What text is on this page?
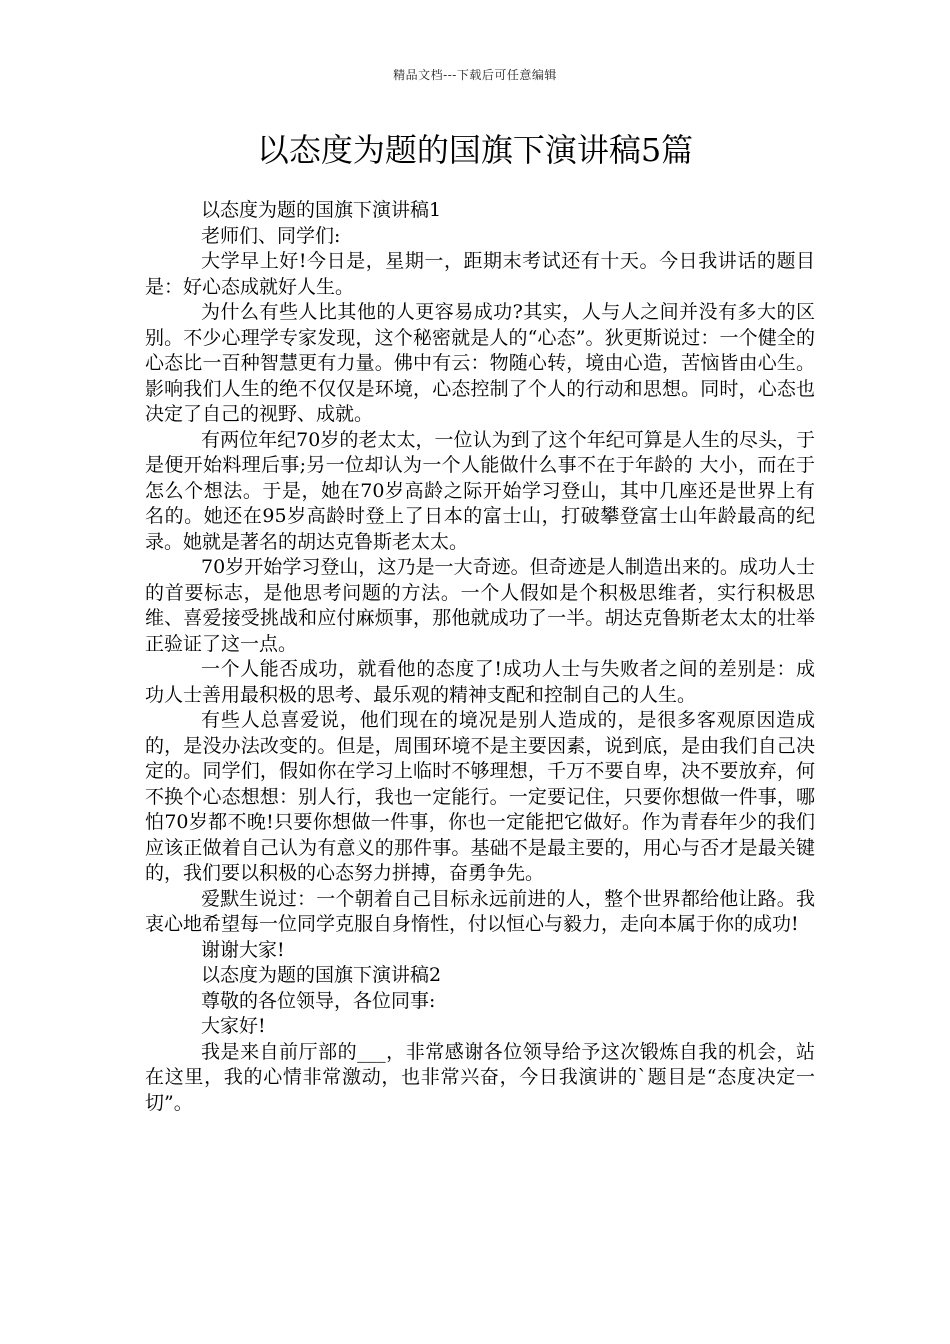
精品文档---下载后可任意编辑
以态度为题的国旗下演讲稿5篇

以态度为题的国旗下演讲稿1

老师们、同学们:

大学早上好!今日是，星期一，距期末考试还有十天。今日我讲话的题目是：好心态成就好人生。

为什么有些人比其他的人更容易成功?其实，人与人之间并没有多大的区别。不少心理学专家发现，这个秘密就是人的“心态”。狄更斯说过：一个健全的心态比一百种智慧更有力量。佛中有云：物随心转，境由心造，苦恼皆由心生。影响我们人生的绝不仅仅是环境，心态控制了个人的行动和思想。同时，心态也决定了自己的视野、成就。

有两位年纪70岁的老太太，一位认为到了这个年纪可算是人生的尽头，于是便开始料理后事;另一位却认为一个人能做什么事不在于年龄的 大小，而在于怎么个想法。于是，她在70岁高龄之际开始学习登山，其中几座还是世界上有名的。她还在95岁高龄时登上了日本的富士山，打破攀登富士山年龄最高的纪录。她就是著名的胡达克鲁斯老太太。

70岁开始学习登山，这乃是一大奇迹。但奇迹是人制造出来的。成功人士的首要标志，是他思考问题的方法。一个人假如是个积极思维者，实行积极思维、喜爱接受挑战和应付麻烦事，那他就成功了一半。胡达克鲁斯老太太的壮举正验证了这一点。

一个人能否成功，就看他的态度了!成功人士与失败者之间的差别是：成功人士善用最积极的思考、最乐观的精神支配和控制自己的人生。

有些人总喜爱说，他们现在的境况是别人造成的，是很多客观原因造成的，是没办法改变的。但是，周围环境不是主要因素，说到底，是由我们自己决定的。同学们，假如你在学习上临时不够理想，千万不要自卑，决不要放弃，何不换个心态想想：别人行，我也一定能行。一定要记住，只要你想做一件事，哪怕70岁都不晚!只要你想做一件事，你也一定能把它做好。作为青春年少的我们应该正做着自己认为有意义的那件事。基础不是最主要的，用心与否才是最关键的，我们要以积极的心态努力拼搏，奋勇争先。

爱默生说过：一个朝着自己目标永远前进的人，整个世界都给他让路。我衷心地希望每一位同学克服自身惰性，付以恒心与毅力，走向本属于你的成功!

谢谢大家!

以态度为题的国旗下演讲稿2

尊敬的各位领导，各位同事:

大家好!

我是来自前厅部的___，非常感谢各位领导给予这次锻炼自我的机会，站在这里，我的心情非常激动，也非常兴奋，今日我演讲的`题目是“态度决定一切”。
